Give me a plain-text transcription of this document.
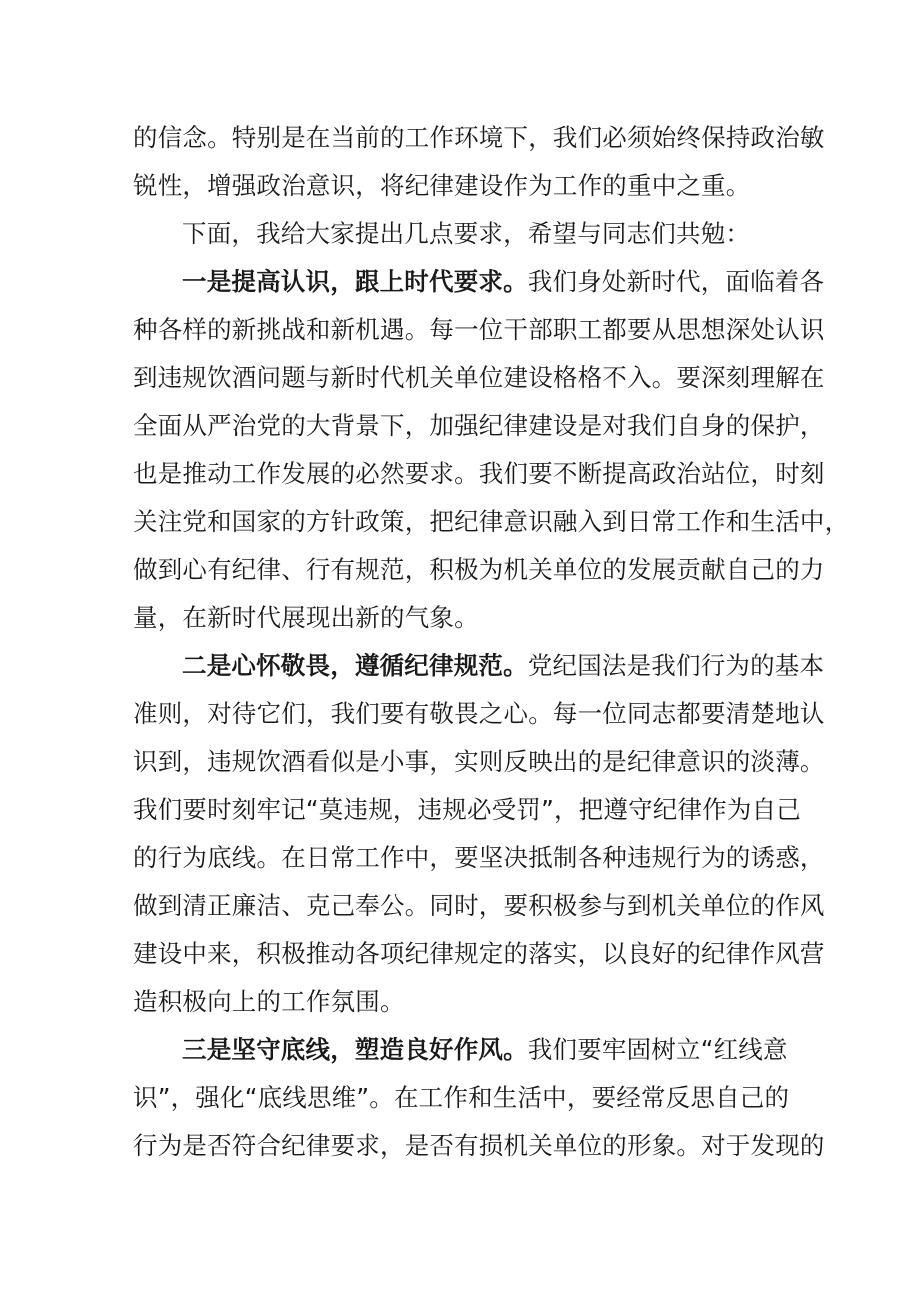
的信念。特别是在当前的工作环境下，我们必须始终保持政治敏
锐性，增强政治意识，将纪律建设作为工作的重中之重。
下面，我给大家提出几点要求，希望与同志们共勉：
一是提高认识，跟上时代要求。我们身处新时代，面临着各
种各样的新挑战和新机遇。每一位干部职工都要从思想深处认识
到违规饮酒问题与新时代机关单位建设格格不入。要深刻理解在
全面从严治党的大背景下，加强纪律建设是对我们自身的保护，
也是推动工作发展的必然要求。我们要不断提高政治站位，时刻
关注党和国家的方针政策，把纪律意识融入到日常工作和生活中，
做到心有纪律、行有规范，积极为机关单位的发展贡献自己的力
量，在新时代展现出新的气象。
二是心怀敬畏，遵循纪律规范。党纪国法是我们行为的基本
准则，对待它们，我们要有敬畏之心。每一位同志都要清楚地认
识到，违规饮酒看似是小事，实则反映出的是纪律意识的淡薄。
我们要时刻牢记“莫违规，违规必受罚”，把遵守纪律作为自己
的行为底线。在日常工作中，要坚决抵制各种违规行为的诱惑，
做到清正廉洁、克己奉公。同时，要积极参与到机关单位的作风
建设中来，积极推动各项纪律规定的落实，以良好的纪律作风营
造积极向上的工作氛围。
三是坚守底线，塑造良好作风。我们要牢固树立“红线意
识”，强化“底线思维”。在工作和生活中，要经常反思自己的
行为是否符合纪律要求，是否有损机关单位的形象。对于发现的
